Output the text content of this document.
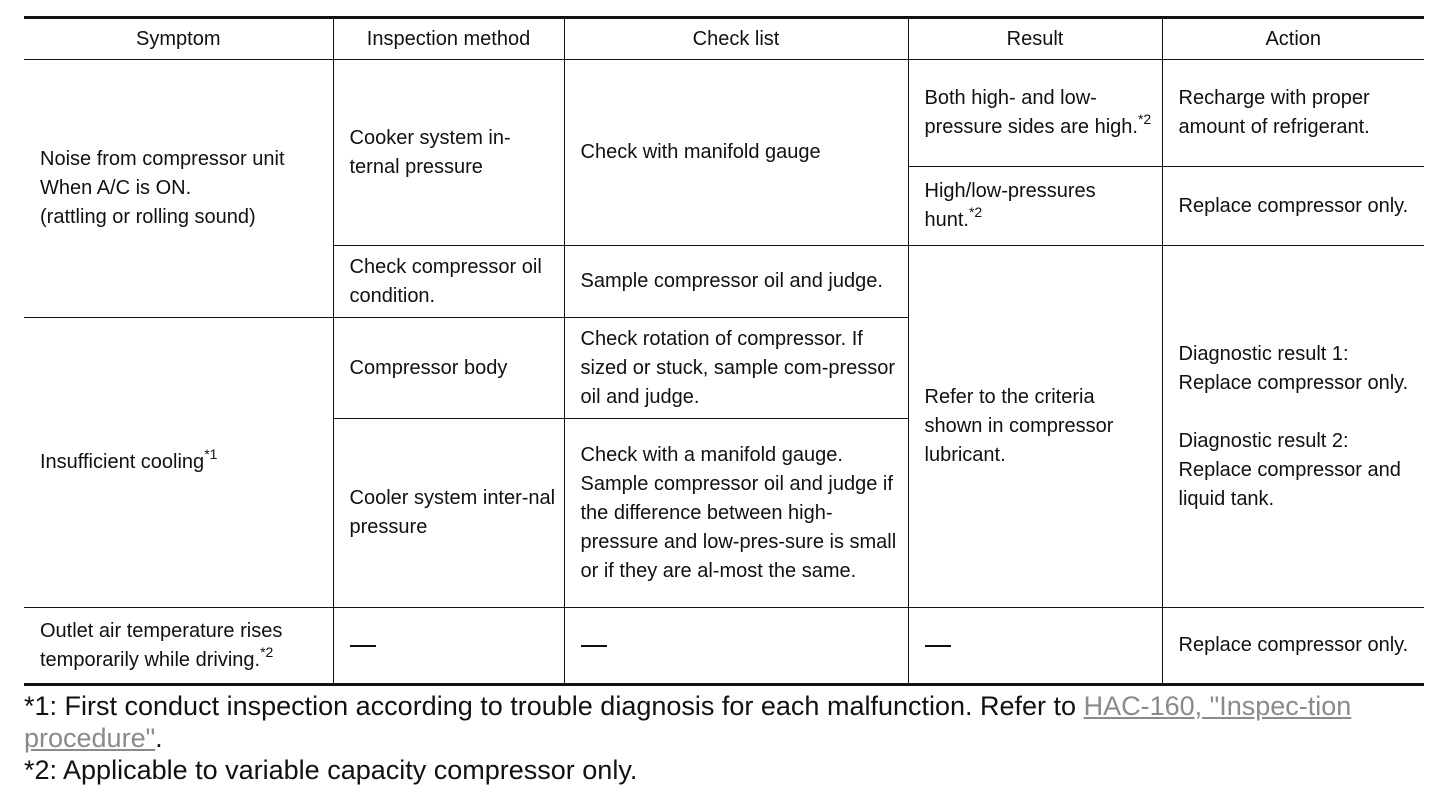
Symptom	Inspection method	Check list	Result	Action

Noise from compressor unit
When A/C is ON.
(rattling or rolling sound)	Cooker system in-ternal pressure	Check with manifold gauge	Both high- and low-pressure sides are high.$^{*2}$	Recharge with proper amount of refrigerant.
			High/low-pressures hunt.$^{*2}$	Replace compressor only.
	Check compressor oil condition.	Sample compressor oil and judge.	Refer to the criteria shown in compressor lubricant.	Diagnostic result 1:
Replace compressor only.
Diagnostic result 2:
Replace compressor and liquid tank.

Insufficient cooling$^{*1}$	Compressor body	Check rotation of compressor. If sized or stuck, sample com-pressor oil and judge.		
	Cooler system inter-nal pressure	Check with a manifold gauge. Sample compressor oil and judge if the difference between high-pressure and low-pres-sure is small or if they are al-most the same.		
Outlet air temperature rises temporarily while driving.$^{*2}$				Replace compressor only.

*1: First conduct inspection according to trouble diagnosis for each malfunction. Refer to HAC-160, "Inspec-tion procedure".

*2: Applicable to variable capacity compressor only.
